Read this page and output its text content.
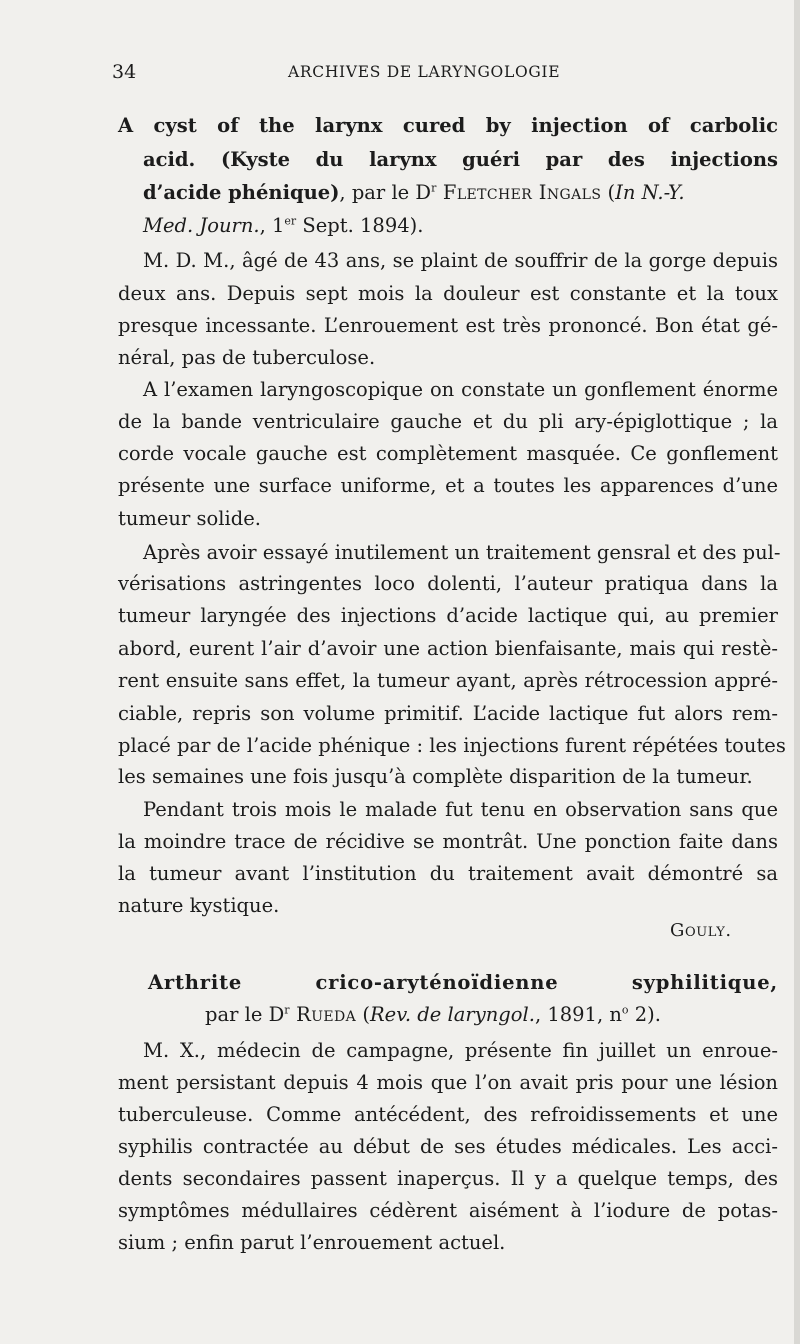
34	ARCHIVES DE LARYNGOLOGIE
A cyst of the larynx cured by injection of carbolic
acid. (Kyste du larynx guéri par des injections
d’acide phénique), par le $D^r$ Fletcher Ingals (In N.-Y.
Med. Journ., 1er Sept. 1894).
M. D. M., âgé de 43 ans, se plaint de souffrir de la gorge depuis
deux ans. Depuis sept mois la douleur est constante et la toux
presque incessante. L’enrouement est très prononcé. Bon état gé-
néral, pas de tuberculose.
A l’examen laryngoscopique on constate un gonflement énorme
de la bande ventriculaire gauche et du pli ary-épiglottique ; la
corde vocale gauche est complètement masquée. Ce gonflement
présente une surface uniforme, et a toutes les apparences d’une
tumeur solide.
Après avoir essayé inutilement un traitement gensral et des pul-
vérisations astringentes loco dolenti, l’auteur pratiqua dans la
tumeur laryngée des injections d’acide lactique qui, au premier
abord, eurent l’air d’avoir une action bienfaisante, mais qui restè-
rent ensuite sans effet, la tumeur ayant, après rétrocession appré-
ciable, repris son volume primitif. L’acide lactique fut alors rem-
placé par de l’acide phénique : les injections furent répétées toutes
les semaines une fois jusqu’à complète disparition de la tumeur.
Pendant trois mois le malade fut tenu en observation sans que
la moindre trace de récidive se montrât. Une ponction faite dans
la tumeur avant l’institution du traitement avait démontré sa
nature kystique.
Gouly.
Arthrite crico-aryténoïdienne syphilitique,
par le $D^r$ Rueda (Rev. de laryngol., 1891, $n^o$ 2).
M. X., médecin de campagne, présente fin juillet un enroue-
ment persistant depuis 4 mois que l’on avait pris pour une lésion
tuberculeuse. Comme antécédent, des refroidissements et une
syphilis contractée au début de ses études médicales. Les acci-
dents secondaires passent inaperçus. Il y a quelque temps, des
symptômes médullaires cédèrent aisément à l’iodure de potas-
sium ; enfin parut l’enrouement actuel.
